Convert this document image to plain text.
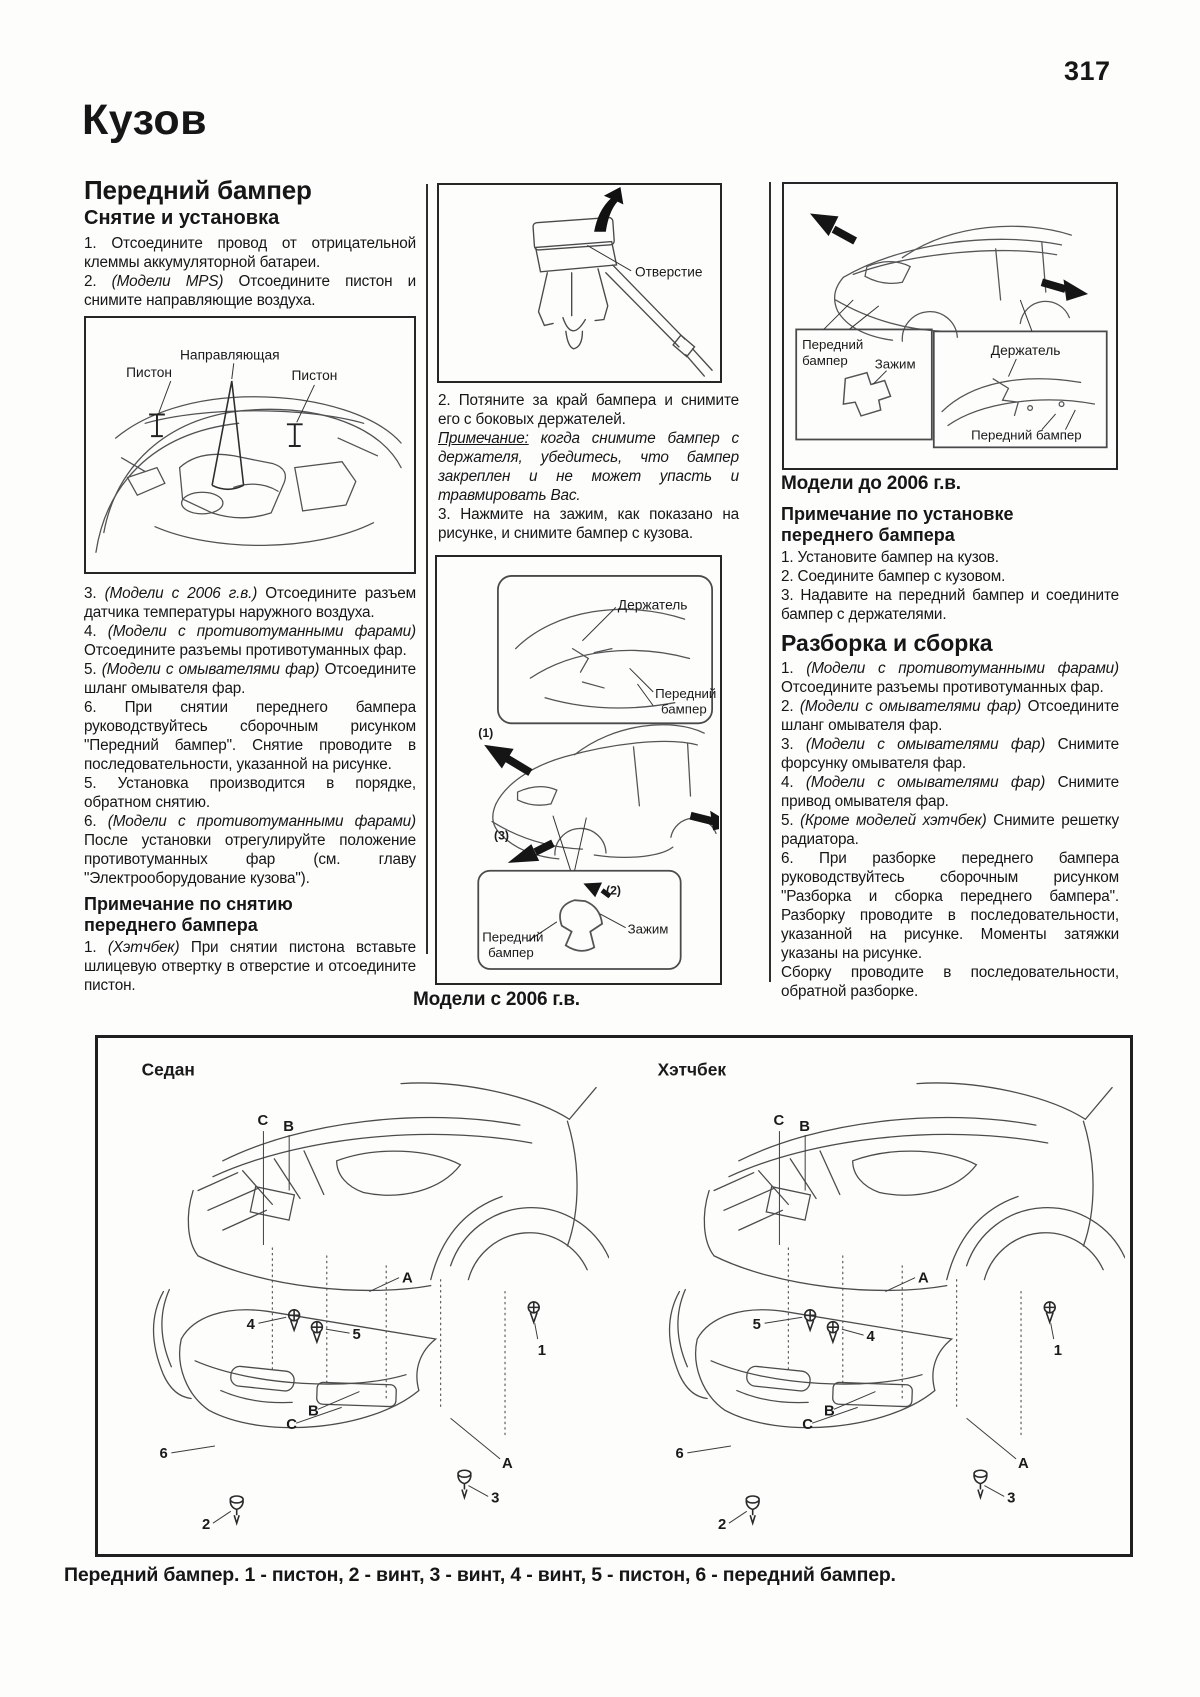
317
Кузов
Передний бампер
Снятие и установка

1. Отсоедините провод от отрицательной клеммы аккумуляторной батареи.

2. (Модели MPS) Отсоедините пистон и снимите направляющие воздуха.

Направляющая
Пистон	Пистон

3. (Модели с 2006 г.в.) Отсоедините разъем датчика температуры наружного воздуха.

4. (Модели с противотуманными фарами) Отсоедините разъемы противотуманных фар.

5. (Модели с омывателями фар) Отсоедините шланг омывателя фар.

6. При снятии переднего бампера руководствуйтесь сборочным рисунком "Передний бампер". Снятие проводите в последовательности, указанной на рисунке.

5. Установка производится в порядке, обратном снятию.

6. (Модели с противотуманными фарами) После установки отрегулируйте положение противотуманных фар (см. главу "Электрооборудование кузова").

Примечание по снятию
переднего бампера

1. (Хэтчбек) При снятии пистона вставьте шлицевую отвертку в отверстие и отсоедините пистон.

Отверстие

2. Потяните за край бампера и снимите его с боковых держателей.

Примечание: когда снимите бампер с держателя, убедитесь, что бампер закреплен и не может упасть и травмировать Вас.

3. Нажмите на зажим, как показано на рисунке, и снимите бампер с кузова.

Держатель
Передний
бампер
(1)
(3)
(2)
Зажим
Передний
бампер
Модели с 2006 г.в.
Передний
бампер Зажим
Держатель
Передний бампер
Модели до 2006 г.в.
Примечание по установке
переднего бампера

1. Установите бампер на кузов.

2. Соедините бампер с кузовом.

3. Надавите на передний бампер и соедините бампер с держателями.

Разборка и сборка

1. (Модели с противотуманными фарами) Отсоедините разъемы противотуманных фар.

2. (Модели с омывателями фар) Отсоедините шланг омывателя фар.

3. (Модели с омывателями фар) Снимите форсунку омывателя фар.

4. (Модели с омывателями фар) Снимите привод омывателя фар.

5. (Кроме моделей хэтчбек) Снимите решетку радиатора.

6. При разборке переднего бампера руководствуйтесь сборочным рисунком "Разборка и сборка переднего бампера". Разборку проводите в последовательности, указанной на рисунке. Моменты затяжки указаны на рисунке.

Сборку проводите в последовательности, обратной разборке.

Седан
C B
A
4
5
1
B
C
6
A
2
3
Хэтчбек
C B
A
5
4
1
B
C
6
A
2
3
Передний бампер. 1 - пистон, 2 - винт, 3 - винт, 4 - винт, 5 - пистон, 6 - передний бампер.
